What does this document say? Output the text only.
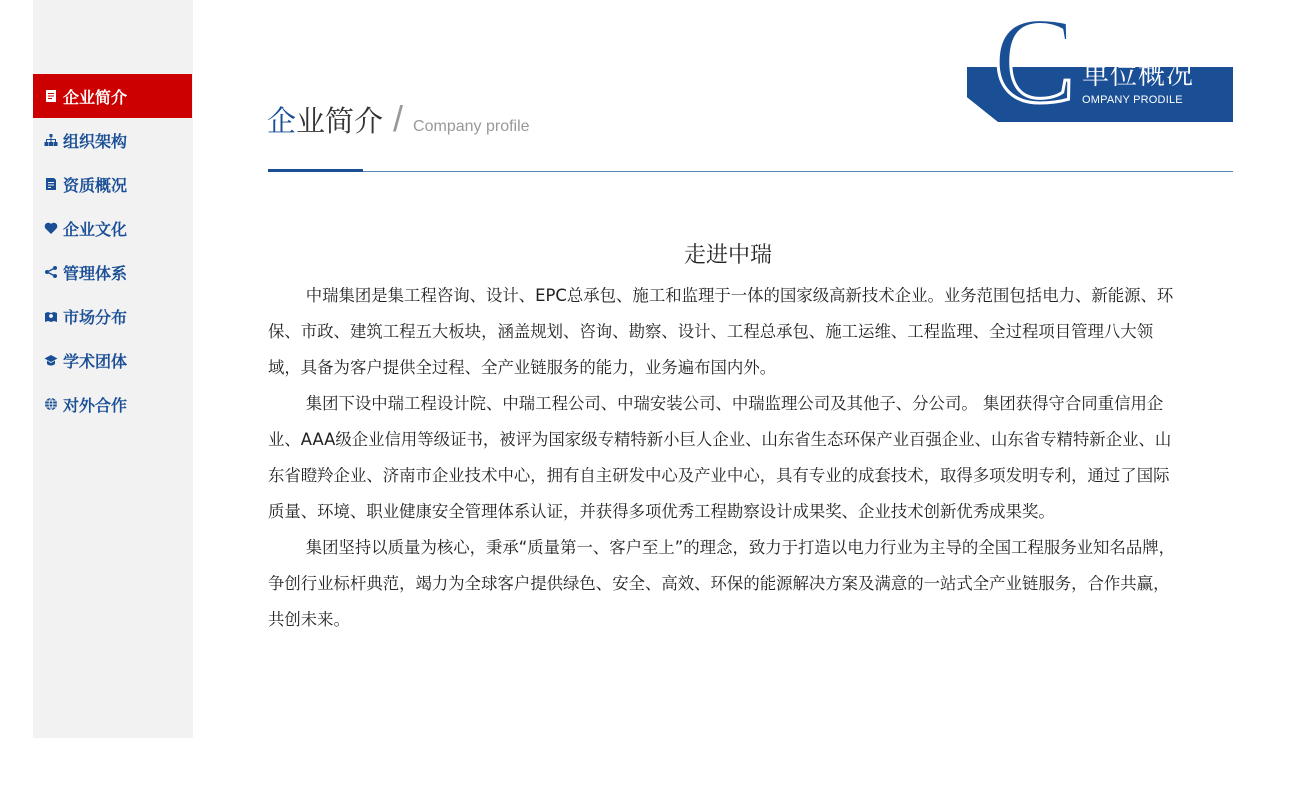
企业简介
组织架构
资质概况
企业文化
管理体系
市场分布
学术团体
对外合作
C 单位概况
OMPANY PRODILE
企业简介 / Company profile
走进中瑞

中瑞集团是集工程咨询、设计、EPC总承包、施工和监理于一体的国家级高新技术企业。业务范围包括电力、新能源、环保、市政、建筑工程五大板块，涵盖规划、咨询、勘察、设计、工程总承包、施工运维、工程监理、全过程项目管理八大领域，具备为客户提供全过程、全产业链服务的能力，业务遍布国内外。

集团下设中瑞工程设计院、中瑞工程公司、中瑞安装公司、中瑞监理公司及其他子、分公司。 集团获得守合同重信用企业、AAA级企业信用等级证书，被评为国家级专精特新小巨人企业、山东省生态环保产业百强企业、山东省专精特新企业、山东省瞪羚企业、济南市企业技术中心，拥有自主研发中心及产业中心，具有专业的成套技术，取得多项发明专利，通过了国际质量、环境、职业健康安全管理体系认证，并获得多项优秀工程勘察设计成果奖、企业技术创新优秀成果奖。

集团坚持以质量为核心，秉承“质量第一、客户至上”的理念，致力于打造以电力行业为主导的全国工程服务业知名品牌，争创行业标杆典范，竭力为全球客户提供绿色、安全、高效、环保的能源解决方案及满意的一站式全产业链服务，合作共赢，共创未来。
